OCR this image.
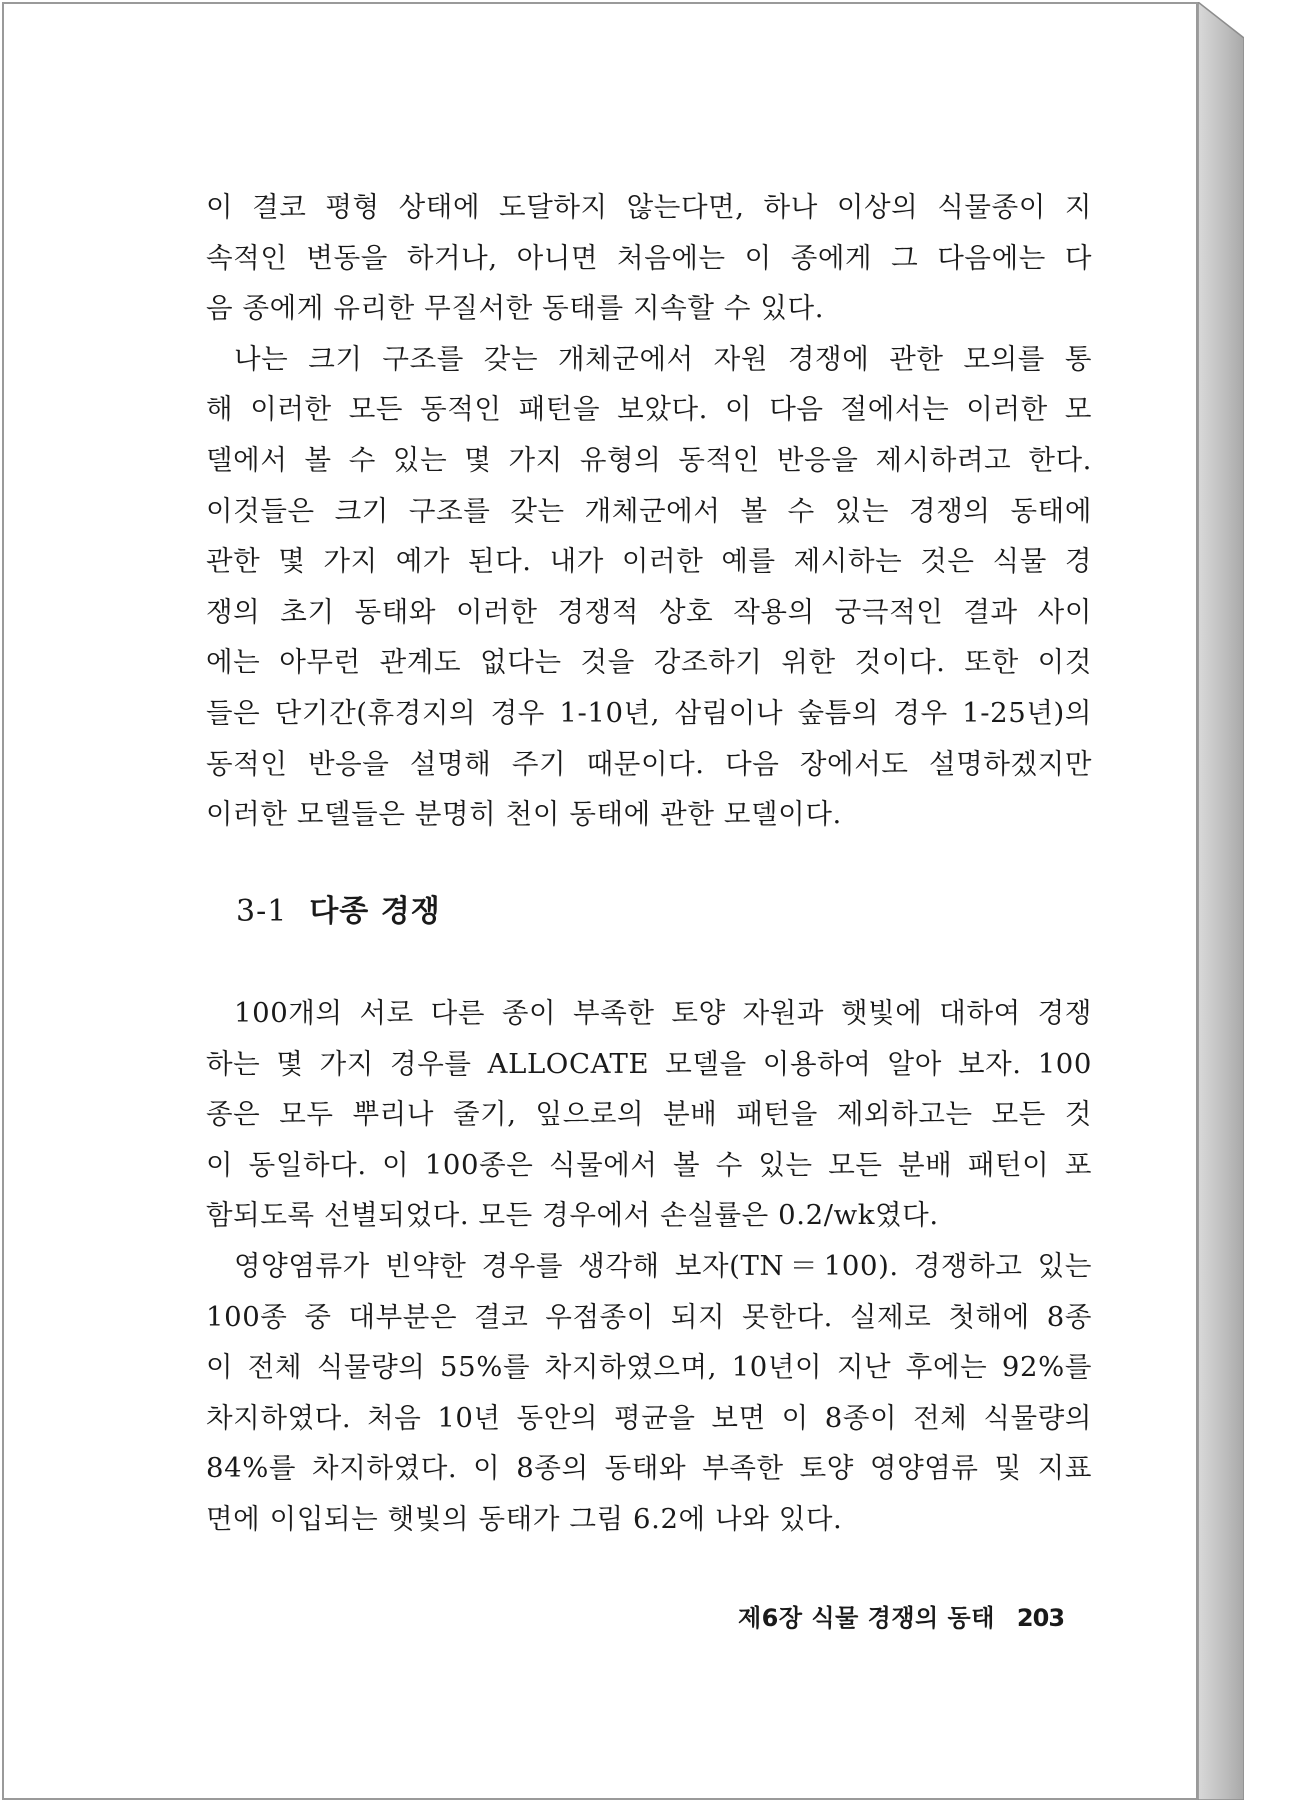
이 결코 평형 상태에 도달하지 않는다면, 하나 이상의 식물종이 지
속적인 변동을 하거나, 아니면 처음에는 이 종에게 그 다음에는 다
음 종에게 유리한 무질서한 동태를 지속할 수 있다.
나는 크기 구조를 갖는 개체군에서 자원 경쟁에 관한 모의를 통
해 이러한 모든 동적인 패턴을 보았다. 이 다음 절에서는 이러한 모
델에서 볼 수 있는 몇 가지 유형의 동적인 반응을 제시하려고 한다.
이것들은 크기 구조를 갖는 개체군에서 볼 수 있는 경쟁의 동태에
관한 몇 가지 예가 된다. 내가 이러한 예를 제시하는 것은 식물 경
쟁의 초기 동태와 이러한 경쟁적 상호 작용의 궁극적인 결과 사이
에는 아무런 관계도 없다는 것을 강조하기 위한 것이다. 또한 이것
들은 단기간(휴경지의 경우 1-10년, 삼림이나 숲틈의 경우 1-25년)의
동적인 반응을 설명해 주기 때문이다. 다음 장에서도 설명하겠지만
이러한 모델들은 분명히 천이 동태에 관한 모델이다.
3-1 다종 경쟁
100개의 서로 다른 종이 부족한 토양 자원과 햇빛에 대하여 경쟁
하는 몇 가지 경우를 ALLOCATE 모델을 이용하여 알아 보자. 100
종은 모두 뿌리나 줄기, 잎으로의 분배 패턴을 제외하고는 모든 것
이 동일하다. 이 100종은 식물에서 볼 수 있는 모든 분배 패턴이 포
함되도록 선별되었다. 모든 경우에서 손실률은 0.2/wk였다.
영양염류가 빈약한 경우를 생각해 보자(TN＝100). 경쟁하고 있는
100종 중 대부분은 결코 우점종이 되지 못한다. 실제로 첫해에 8종
이 전체 식물량의 55%를 차지하였으며, 10년이 지난 후에는 92%를
차지하였다. 처음 10년 동안의 평균을 보면 이 8종이 전체 식물량의
84%를 차지하였다. 이 8종의 동태와 부족한 토양 영양염류 및 지표
면에 이입되는 햇빛의 동태가 그림 6.2에 나와 있다.
제6장 식물 경쟁의 동태 203
